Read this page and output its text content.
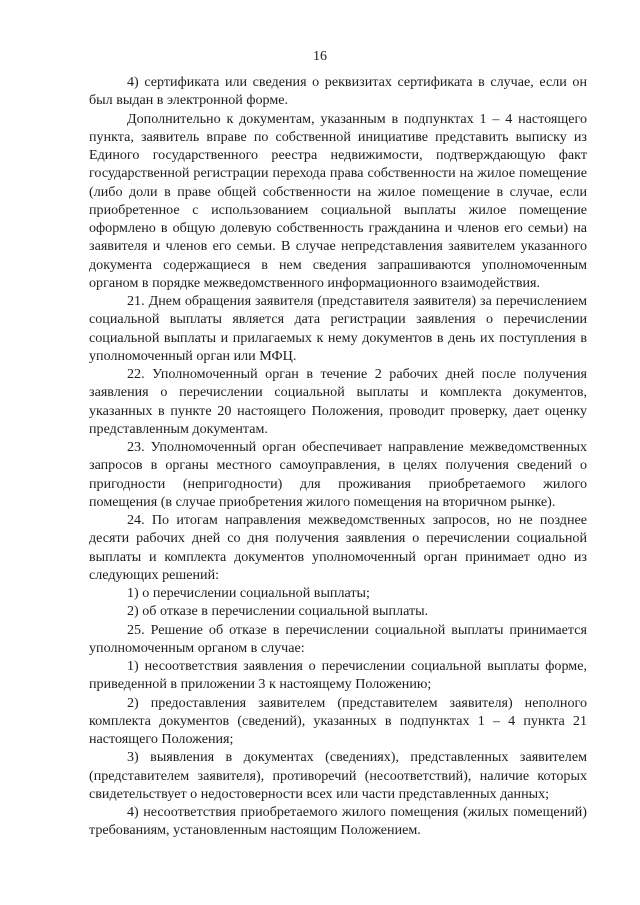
16

4) сертификата или сведения о реквизитах сертификата в случае, если он был выдан в электронной форме.

Дополнительно к документам, указанным в подпунктах 1 – 4 настоящего пункта, заявитель вправе по собственной инициативе представить выписку из Единого государственного реестра недвижимости, подтверждающую факт государственной регистрации перехода права собственности на жилое помещение (либо доли в праве общей собственности на жилое помещение в случае, если приобретенное с использованием социальной выплаты жилое помещение оформлено в общую долевую собственность гражданина и членов его семьи) на заявителя и членов его семьи. В случае непредставления заявителем указанного документа содержащиеся в нем сведения запрашиваются уполномоченным органом в порядке межведомственного информационного взаимодействия.

21. Днем обращения заявителя (представителя заявителя) за перечислением социальной выплаты является дата регистрации заявления о перечислении социальной выплаты и прилагаемых к нему документов в день их поступления в уполномоченный орган или МФЦ.

22. Уполномоченный орган в течение 2 рабочих дней после получения заявления о перечислении социальной выплаты и комплекта документов, указанных в пункте 20 настоящего Положения, проводит проверку, дает оценку представленным документам.

23. Уполномоченный орган обеспечивает направление межведомственных запросов в органы местного самоуправления, в целях получения сведений о пригодности (непригодности) для проживания приобретаемого жилого помещения (в случае приобретения жилого помещения на вторичном рынке).

24. По итогам направления межведомственных запросов, но не позднее десяти рабочих дней со дня получения заявления о перечислении социальной выплаты и комплекта документов уполномоченный орган принимает одно из следующих решений:

1) о перечислении социальной выплаты;

2) об отказе в перечислении социальной выплаты.

25. Решение об отказе в перечислении социальной выплаты принимается уполномоченным органом в случае:

1) несоответствия заявления о перечислении социальной выплаты форме, приведенной в приложении 3 к настоящему Положению;

2) предоставления заявителем (представителем заявителя) неполного комплекта документов (сведений), указанных в подпунктах 1 – 4 пункта 21 настоящего Положения;

3) выявления в документах (сведениях), представленных заявителем (представителем заявителя), противоречий (несоответствий), наличие которых свидетельствует о недостоверности всех или части представленных данных;

4) несоответствия приобретаемого жилого помещения (жилых помещений) требованиям, установленным настоящим Положением.
